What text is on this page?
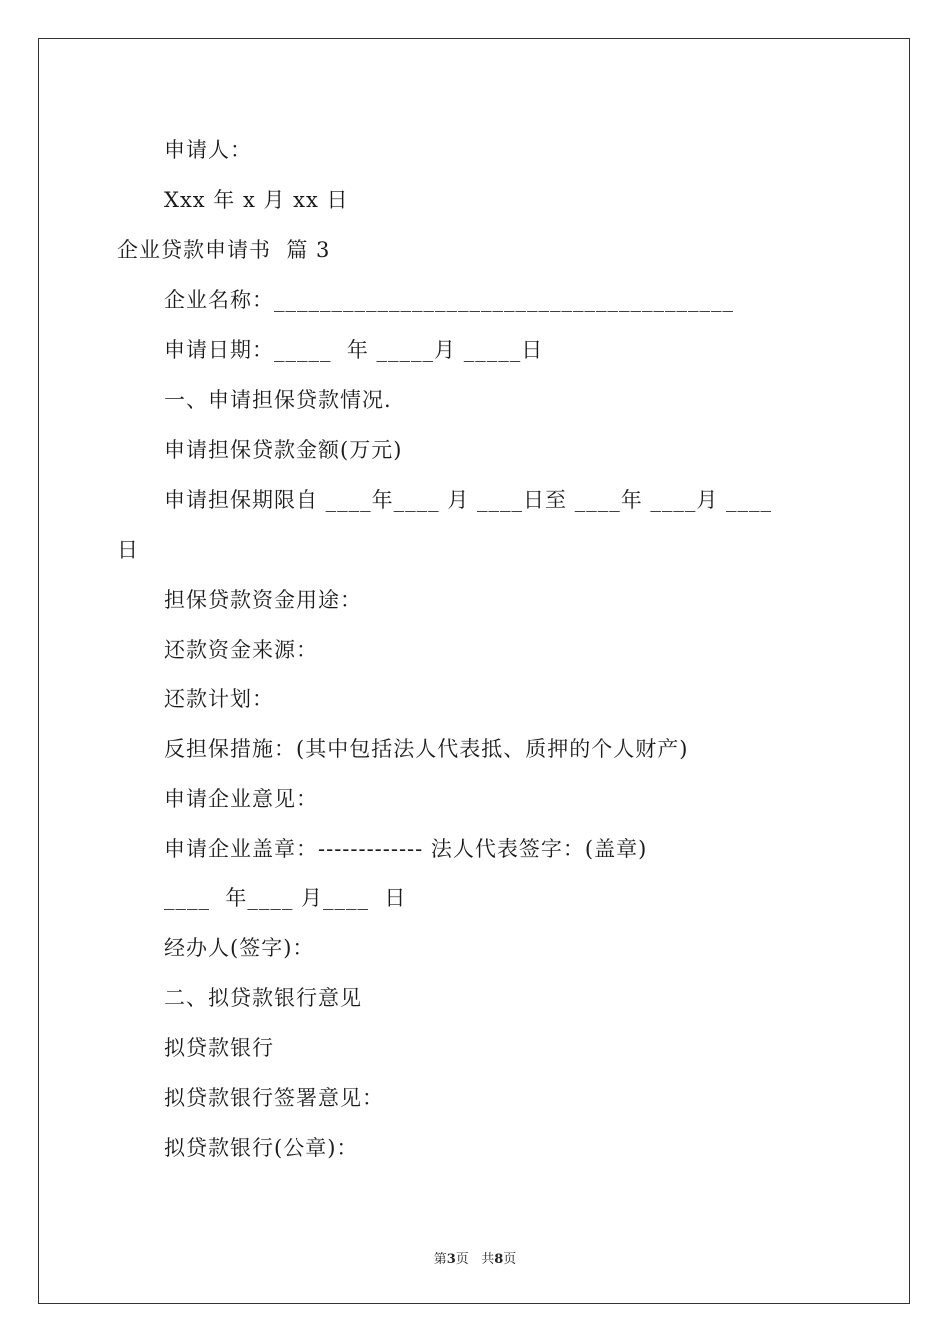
申请人：
Xxx 年 x 月 xx 日
企业贷款申请书  篇 3
企业名称：________________________________________
申请日期：_____  年 _____月 _____日
一、申请担保贷款情况.
申请担保贷款金额(万元)
申请担保期限自 ____年____ 月 ____日至 ____年 ____月 ____
日
担保贷款资金用途：
还款资金来源：
还款计划：
反担保措施：(其中包括法人代表抵、质押的个人财产)
申请企业意见：
申请企业盖章：------------- 法人代表签字：(盖章)
____  年____ 月____  日
经办人(签字)：
二、拟贷款银行意见
拟贷款银行
拟贷款银行签署意见：
拟贷款银行(公章)：
第3页 共8页
